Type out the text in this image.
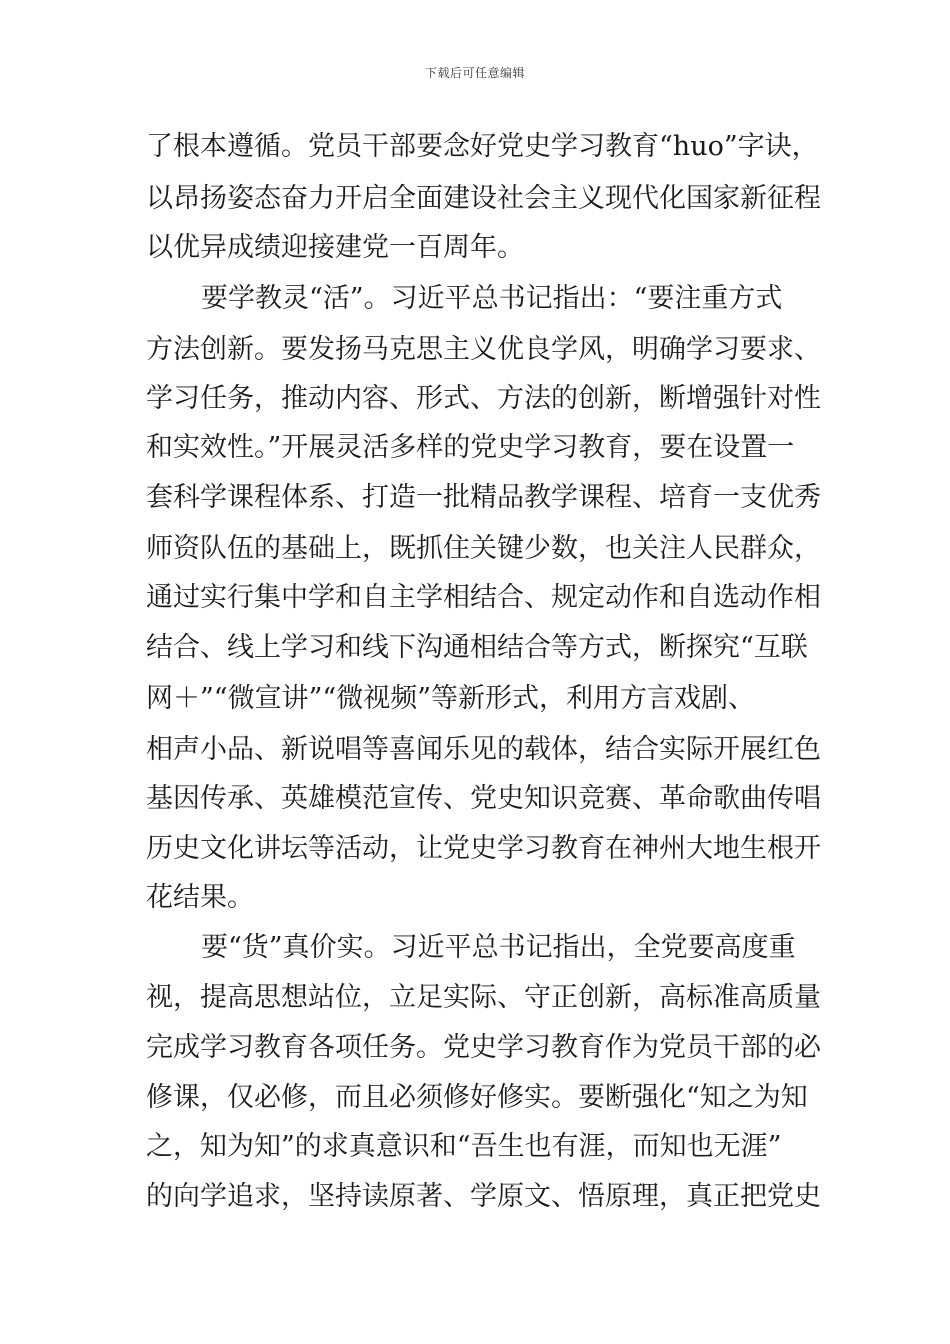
下载后可任意编辑
了根本遵循。党员干部要念好党史学习教育“huo”字诀，
以昂扬姿态奋力开启全面建设社会主义现代化国家新征程
以优异成绩迎接建党一百周年。
要学教灵“活”。习近平总书记指出：“要注重方式
方法创新。要发扬马克思主义优良学风，明确学习要求、
学习任务，推动内容、形式、方法的创新，断增强针对性
和实效性。”开展灵活多样的党史学习教育，要在设置一
套科学课程体系、打造一批精品教学课程、培育一支优秀
师资队伍的基础上，既抓住关键少数，也关注人民群众，
通过实行集中学和自主学相结合、规定动作和自选动作相
结合、线上学习和线下沟通相结合等方式，断探究“互联
网＋”“微宣讲”“微视频”等新形式，利用方言戏剧、
相声小品、新说唱等喜闻乐见的载体，结合实际开展红色
基因传承、英雄模范宣传、党史知识竞赛、革命歌曲传唱
历史文化讲坛等活动，让党史学习教育在神州大地生根开
花结果。
要“货”真价实。习近平总书记指出，全党要高度重
视，提高思想站位，立足实际、守正创新，高标准高质量
完成学习教育各项任务。党史学习教育作为党员干部的必
修课，仅必修，而且必须修好修实。要断强化“知之为知
之，知为知”的求真意识和“吾生也有涯，而知也无涯”
的向学追求，坚持读原著、学原文、悟原理，真正把党史
